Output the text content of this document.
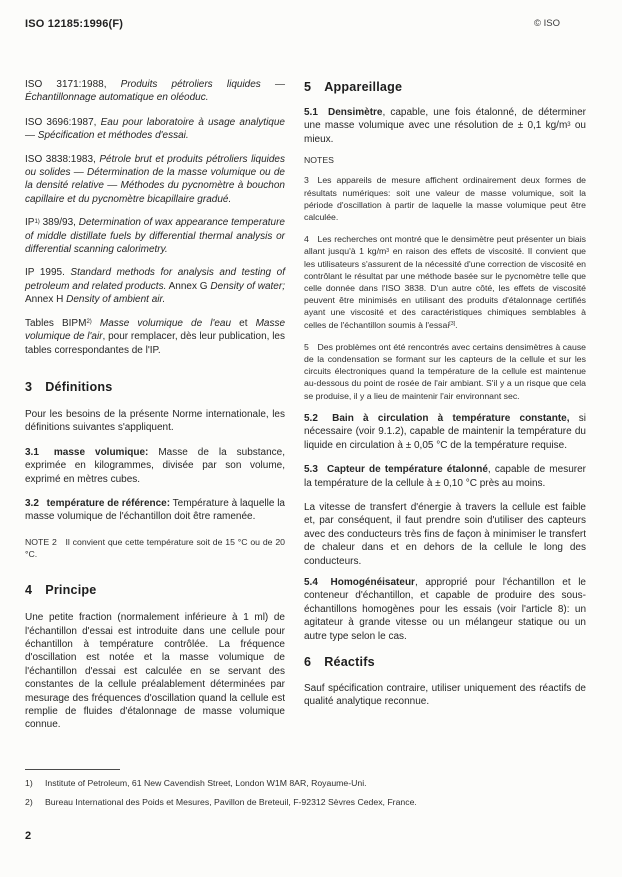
ISO 12185:1996(F)	© ISO

ISO 3171:1988, Produits pétroliers liquides — Échantillonnage automatique en oléoduc.

ISO 3696:1987, Eau pour laboratoire à usage analytique — Spécification et méthodes d'essai.

ISO 3838:1983, Pétrole brut et produits pétroliers liquides ou solides — Détermination de la masse volumique ou de la densité relative — Méthodes du pycnomètre à bouchon capillaire et du pycnomètre bicapillaire gradué.

IP$^{1)}$ 389/93, Determination of wax appearance temperature of middle distillate fuels by differential thermal analysis or differential scanning calorimetry.

IP 1995. Standard methods for analysis and testing of petroleum and related products. Annex G Density of water; Annex H Density of ambient air.

Tables BIPM$^{2)}$ Masse volumique de l'eau et Masse volumique de l'air, pour remplacer, dès leur publication, les tables correspondantes de l'IP.

3 Définitions

Pour les besoins de la présente Norme internationale, les définitions suivantes s'appliquent.

3.1  masse volumique: Masse de la substance, exprimée en kilogrammes, divisée par son volume, exprimé en mètres cubes.

3.2  température de référence: Température à laquelle la masse volumique de l'échantillon doit être ramenée.

NOTE 2  Il convient que cette température soit de 15 °C ou de 20 °C.

4 Principe

Une petite fraction (normalement inférieure à 1 ml) de l'échantillon d'essai est introduite dans une cellule pour échantillon à température contrôlée. La fréquence d'oscillation est notée et la masse volumique de l'échantillon d'essai est calculée en se servant des constantes de la cellule préalablement déterminées par mesurage des fréquences d'oscillation quand la cellule est remplie de fluides d'étalonnage de masse volumique connue.

5 Appareillage

5.1  Densimètre, capable, une fois étalonné, de déterminer une masse volumique avec une résolution de ± 0,1 $kg/m^3$ ou mieux.

NOTES

3  Les appareils de mesure affichent ordinairement deux formes de résultats numériques: soit une valeur de masse volumique, soit la période d'oscillation à partir de laquelle la masse volumique peut être calculée.

4  Les recherches ont montré que le densimètre peut présenter un biais allant jusqu'à 1 $kg/m^3$ en raison des effets de viscosité. Il convient que les utilisateurs s'assurent de la nécessité d'une correction de viscosité en contrôlant le résultat par une méthode basée sur le pycnomètre telle que celle donnée dans l'ISO 3838. D'un autre côté, les effets de viscosité peuvent être minimisés en utilisant des produits d'étalonnage certifiés ayant une viscosité et des caractéristiques chimiques semblables à celles de l'échantillon soumis à l'essai[3].

5  Des problèmes ont été rencontrés avec certains densimètres à cause de la condensation se formant sur les capteurs de la cellule et sur les circuits électroniques quand la température de la cellule est maintenue au-dessous du point de rosée de l'air ambiant. S'il y a un risque que cela se produise, il y a lieu de maintenir l'air environnant sec.

5.2  Bain à circulation à température constante, si nécessaire (voir 9.1.2), capable de maintenir la température du liquide en circulation à ± 0,05 °C de la température requise.

5.3  Capteur de température étalonné, capable de mesurer la température de la cellule à ± 0,10 °C près au moins.

La vitesse de transfert d'énergie à travers la cellule est faible et, par conséquent, il faut prendre soin d'utiliser des capteurs avec des conducteurs très fins de façon à minimiser le transfert de chaleur dans et en dehors de la cellule le long des conducteurs.

5.4  Homogénéisateur, approprié pour l'échantillon et le conteneur d'échantillon, et capable de produire des sous-échantillons homogènes pour les essais (voir l'article 8): un agitateur à grande vitesse ou un mélangeur statique ou un autre type selon le cas.

6 Réactifs

Sauf spécification contraire, utiliser uniquement des réactifs de qualité analytique reconnue.

1)	Institute of Petroleum, 61 New Cavendish Street, London W1M 8AR, Royaume-Uni.
2)	Bureau International des Poids et Mesures, Pavillon de Breteuil, F-92312 Sèvres Cedex, France.
2
